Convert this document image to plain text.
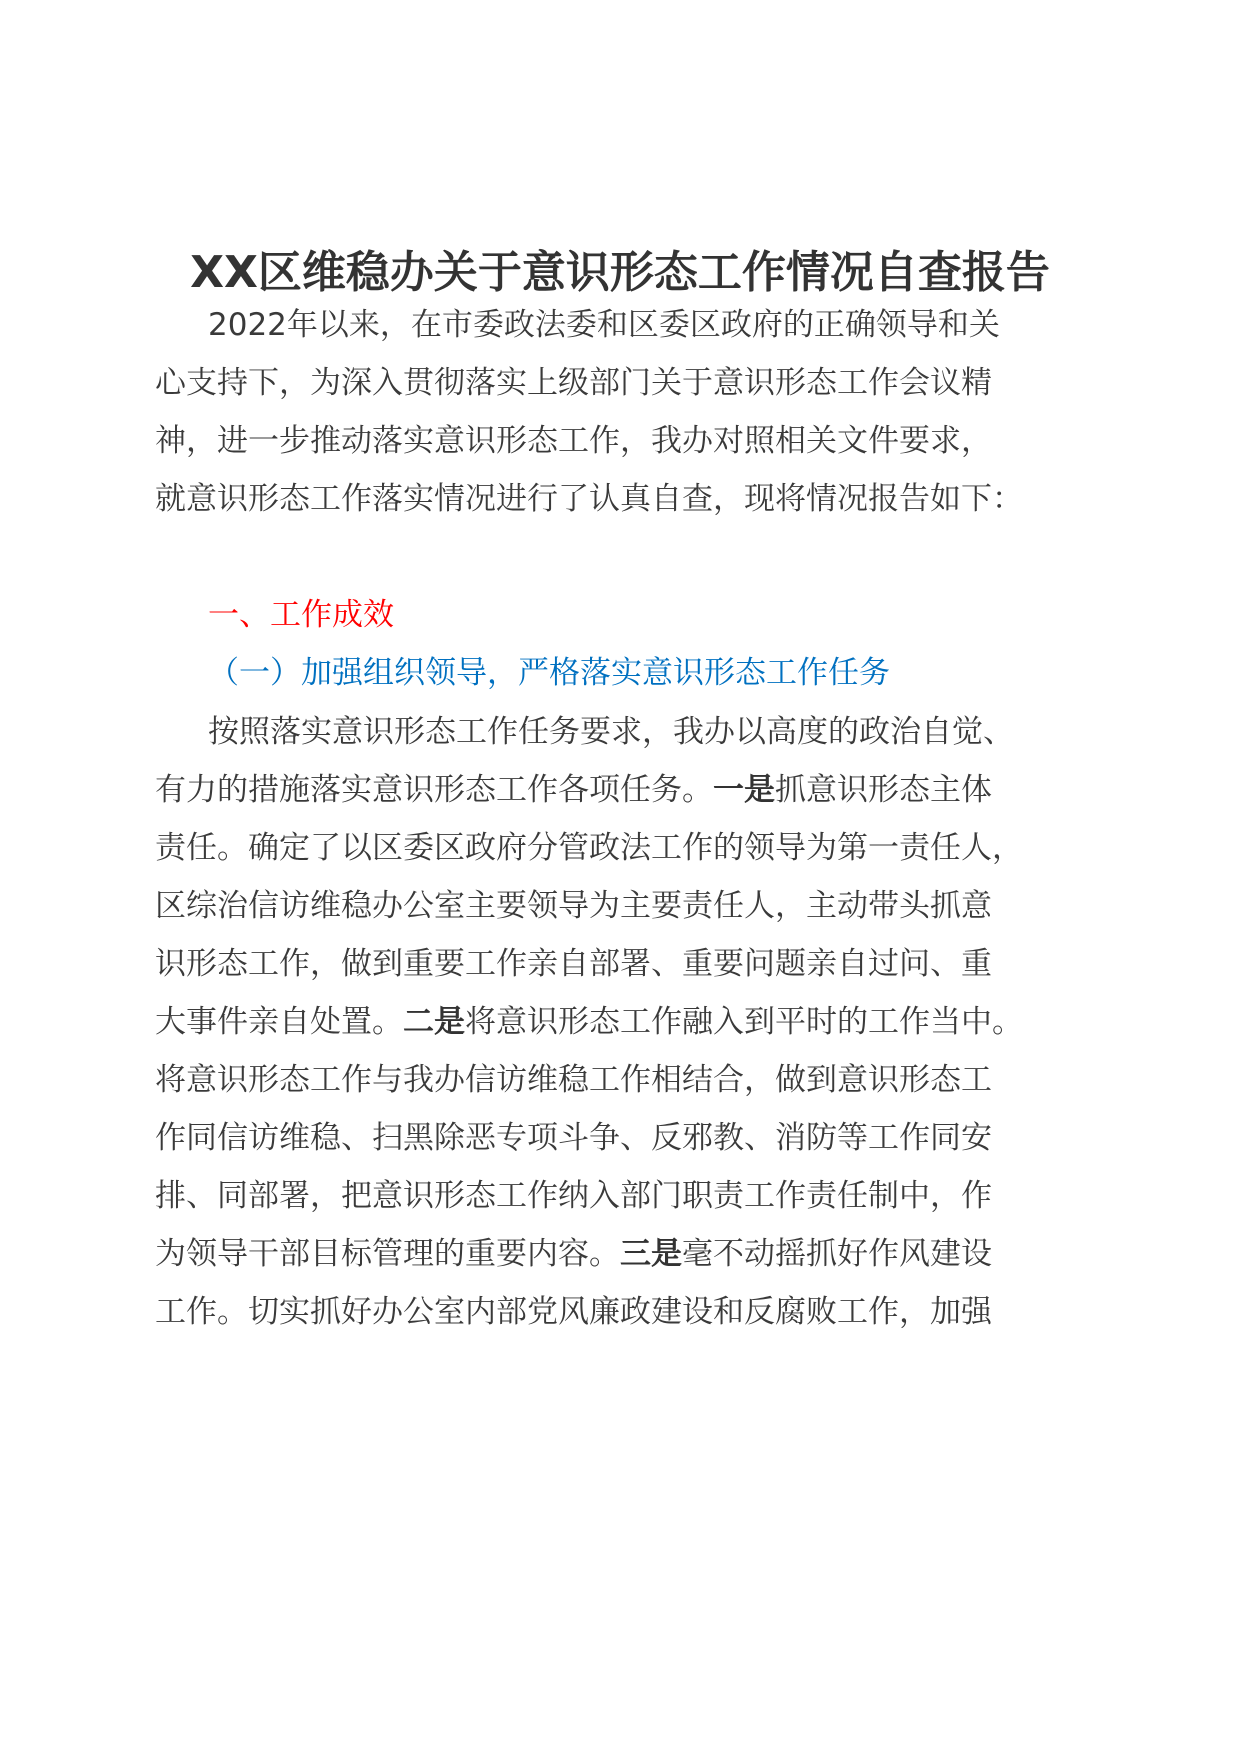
XX区维稳办关于意识形态工作情况自查报告
2022年以来，在市委政法委和区委区政府的正确领导和关
心支持下，为深入贯彻落实上级部门关于意识形态工作会议精
神，进一步推动落实意识形态工作，我办对照相关文件要求，
就意识形态工作落实情况进行了认真自查，现将情况报告如下：
一、工作成效
（一）加强组织领导，严格落实意识形态工作任务
按照落实意识形态工作任务要求，我办以高度的政治自觉、
有力的措施落实意识形态工作各项任务。一是抓意识形态主体
责任。确定了以区委区政府分管政法工作的领导为第一责任人，
区综治信访维稳办公室主要领导为主要责任人，主动带头抓意
识形态工作，做到重要工作亲自部署、重要问题亲自过问、重
大事件亲自处置。二是将意识形态工作融入到平时的工作当中。
将意识形态工作与我办信访维稳工作相结合，做到意识形态工
作同信访维稳、扫黑除恶专项斗争、反邪教、消防等工作同安
排、同部署，把意识形态工作纳入部门职责工作责任制中，作
为领导干部目标管理的重要内容。三是毫不动摇抓好作风建设
工作。切实抓好办公室内部党风廉政建设和反腐败工作，加强
